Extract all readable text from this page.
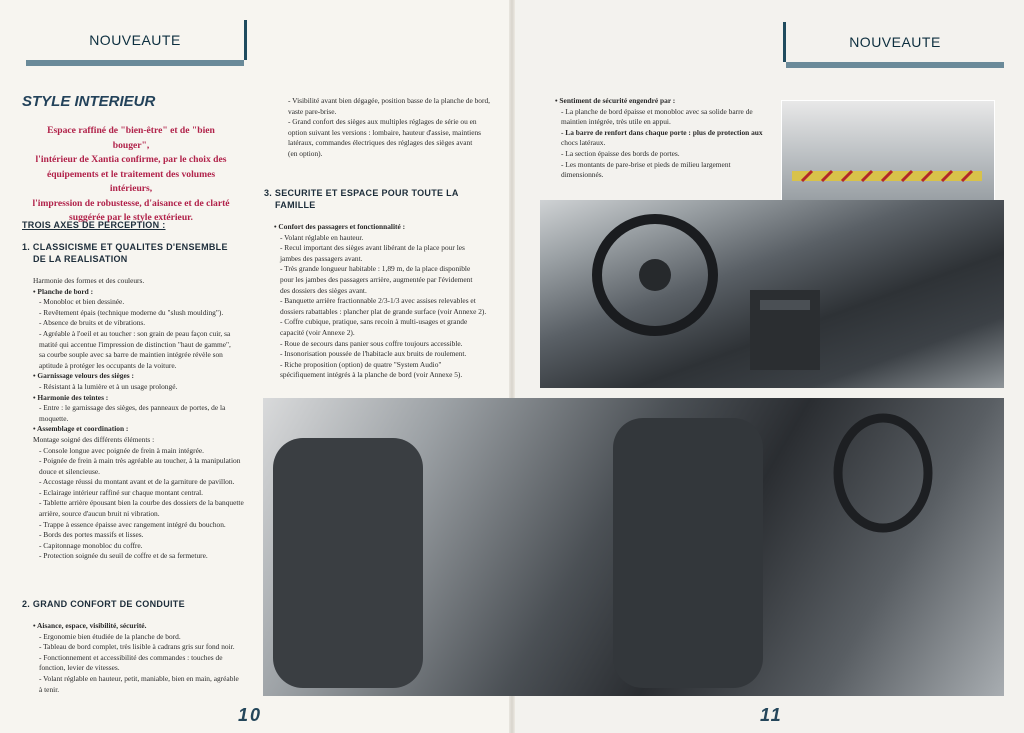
NOUVEAUTE
STYLE INTERIEUR
Espace raffiné de "bien-être" et de "bien bouger",
l'intérieur de Xantia confirme, par le choix des
équipements et le traitement des volumes intérieurs,
l'impression de robustesse, d'aisance et de clarté
suggérée par le style extérieur.
TROIS AXES DE PERCEPTION :
1. CLASSICISME ET QUALITES D'ENSEMBLE
DE LA REALISATION
Harmonie des formes et des couleurs.
• Planche de bord :
- Monobloc et bien dessinée.
- Revêtement épais (technique moderne du "slush moulding").
- Absence de bruits et de vibrations.
- Agréable à l'oeil et au toucher : son grain de peau façon cuir, sa
matité qui accentue l'impression de distinction "haut de gamme",
sa courbe souple avec sa barre de maintien intégrée révèle son
aptitude à protéger les occupants de la voiture.
• Garnissage velours des sièges :
- Résistant à la lumière et à un usage prolongé.
• Harmonie des teintes :
- Entre : le garnissage des sièges, des panneaux de portes, de la
moquette.
• Assemblage et coordination :
Montage soigné des différents éléments :
- Console longue avec poignée de frein à main intégrée.
- Poignée de frein à main très agréable au toucher, à la manipulation
douce et silencieuse.
- Accostage réussi du montant avant et de la garniture de pavillon.
- Eclairage intérieur raffiné sur chaque montant central.
- Tablette arrière épousant bien la courbe des dossiers de la banquette
arrière, source d'aucun bruit ni vibration.
- Trappe à essence épaisse avec rangement intégré du bouchon.
- Bords des portes massifs et lisses.
- Capitonnage monobloc du coffre.
- Protection soignée du seuil de coffre et de sa fermeture.
2. GRAND CONFORT DE CONDUITE
• Aisance, espace, visibilité, sécurité.
- Ergonomie bien étudiée de la planche de bord.
- Tableau de bord complet, très lisible à cadrans gris sur fond noir.
- Fonctionnement et accessibilité des commandes : touches de
fonction, levier de vitesses.
- Volant réglable en hauteur, petit, maniable, bien en main, agréable
à tenir.
- Visibilité avant bien dégagée, position basse de la planche de bord,
vaste pare-brise.
- Grand confort des sièges aux multiples réglages de série ou en
option suivant les versions : lombaire, hauteur d'assise, maintiens
latéraux, commandes électriques des réglages des sièges avant
(en option).
3. SECURITE ET ESPACE POUR TOUTE LA
FAMILLE
• Confort des passagers et fonctionnalité :
- Volant réglable en hauteur.
- Recul important des sièges avant libérant de la place pour les
jambes des passagers avant.
- Très grande longueur habitable : 1,89 m, de la place disponible
pour les jambes des passagers arrière, augmentée par l'évidement
des dossiers des sièges avant.
- Banquette arrière fractionnable 2/3-1/3 avec assises relevables et
dossiers rabattables : plancher plat de grande surface (voir Annexe 2).
- Coffre cubique, pratique, sans recoin à multi-usages et grande
capacité (voir Annexe 2).
- Roue de secours dans panier sous coffre toujours accessible.
- Insonorisation poussée de l'habitacle aux bruits de roulement.
- Riche proposition (option) de quatre "System Audio"
spécifiquement intégrés à la planche de bord (voir Annexe 5).
10
NOUVEAUTE
• Sentiment de sécurité engendré par :
- La planche de bord épaisse et monobloc avec sa solide barre de
maintien intégrée, très utile en appui.
- La barre de renfort dans chaque porte : plus de protection aux
chocs latéraux.
- La section épaisse des bords de portes.
- Les montants de pare-brise et pieds de milieu largement
dimensionnés.
11
